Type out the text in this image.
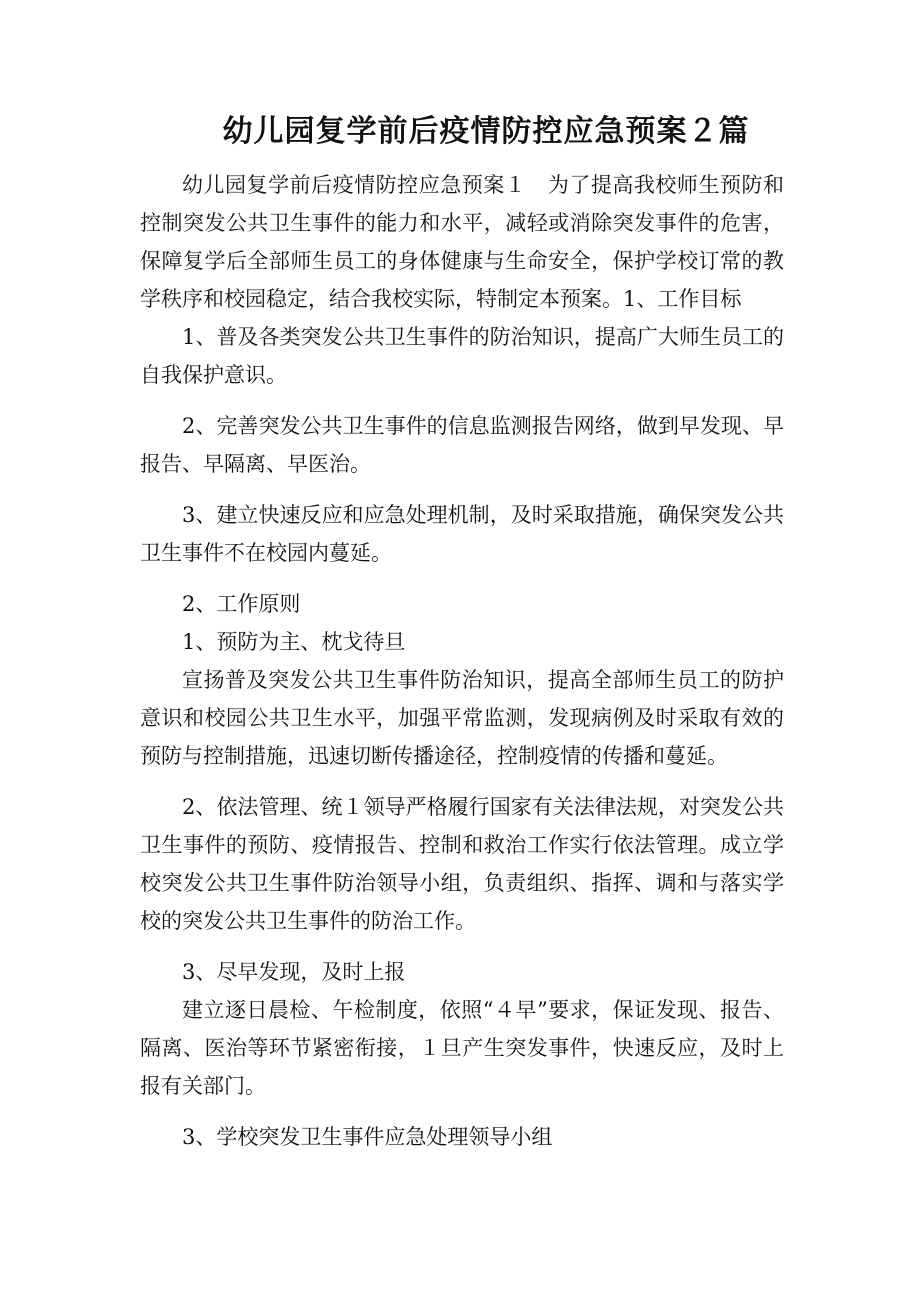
幼儿园复学前后疫情防控应急预案２篇

幼儿园复学前后疫情防控应急预案１　为了提高我校师生预防和控制突发公共卫生事件的能力和水平，减轻或消除突发事件的危害，保障复学后全部师生员工的身体健康与生命安全，保护学校订常的教学秩序和校园稳定，结合我校实际，特制定本预案。1、工作目标

1、普及各类突发公共卫生事件的防治知识，提高广大师生员工的自我保护意识。

2、完善突发公共卫生事件的信息监测报告网络，做到早发现、早报告、早隔离、早医治。

3、建立快速反应和应急处理机制，及时采取措施，确保突发公共卫生事件不在校园内蔓延。

2、工作原则

1、预防为主、枕戈待旦

宣扬普及突发公共卫生事件防治知识，提高全部师生员工的防护意识和校园公共卫生水平，加强平常监测，发现病例及时采取有效的预防与控制措施，迅速切断传播途径，控制疫情的传播和蔓延。

2、依法管理、统１领导严格履行国家有关法律法规，对突发公共卫生事件的预防、疫情报告、控制和救治工作实行依法管理。成立学校突发公共卫生事件防治领导小组，负责组织、指挥、调和与落实学校的突发公共卫生事件的防治工作。

3、尽早发现，及时上报

建立逐日晨检、午检制度，依照“４早”要求，保证发现、报告、隔离、医治等环节紧密衔接，１旦产生突发事件，快速反应，及时上报有关部门。

3、学校突发卫生事件应急处理领导小组
